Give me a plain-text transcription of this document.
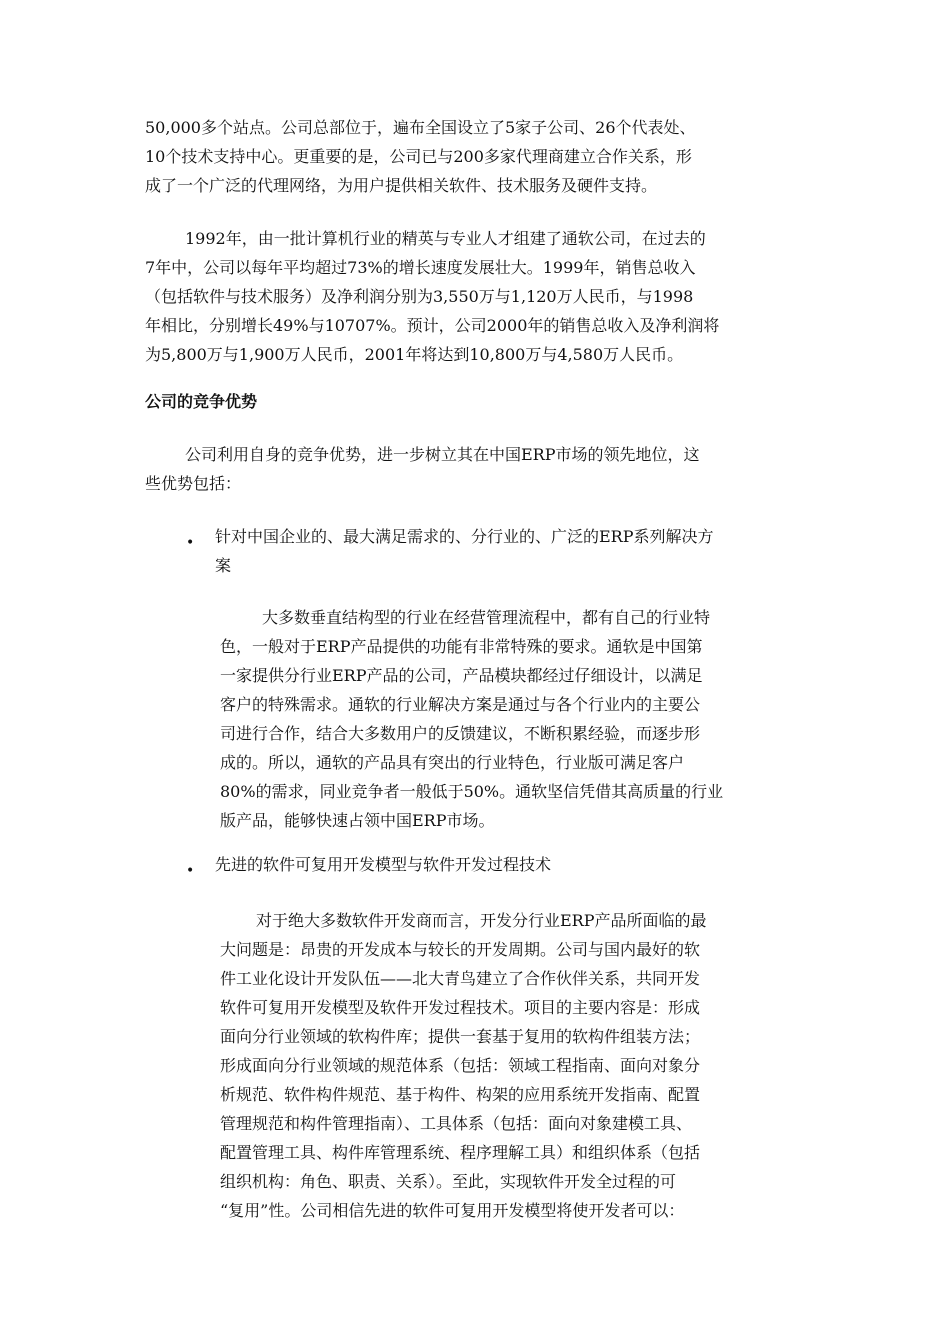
50,000多个站点。公司总部位于，遍布全国设立了5家子公司、26个代表处、
10个技术支持中心。更重要的是，公司已与200多家代理商建立合作关系，形
成了一个广泛的代理网络，为用户提供相关软件、技术服务及硬件支持。
1992年，由一批计算机行业的精英与专业人才组建了通软公司，在过去的
7年中，公司以每年平均超过73%的增长速度发展壮大。1999年，销售总收入
（包括软件与技术服务）及净利润分别为3,550万与1,120万人民币，与1998
年相比，分别增长49%与10707%。预计，公司2000年的销售总收入及净利润将
为5,800万与1,900万人民币，2001年将达到10,800万与4,580万人民币。
公司的竞争优势
公司利用自身的竞争优势，进一步树立其在中国ERP市场的领先地位，这
些优势包括：
• 针对中国企业的、最大满足需求的、分行业的、广泛的ERP系列解决方
案
大多数垂直结构型的行业在经营管理流程中，都有自己的行业特
色，一般对于ERP产品提供的功能有非常特殊的要求。通软是中国第
一家提供分行业ERP产品的公司，产品模块都经过仔细设计，以满足
客户的特殊需求。通软的行业解决方案是通过与各个行业内的主要公
司进行合作，结合大多数用户的反馈建议，不断积累经验，而逐步形
成的。所以，通软的产品具有突出的行业特色，行业版可满足客户
80%的需求，同业竞争者一般低于50%。通软坚信凭借其高质量的行业
版产品，能够快速占领中国ERP市场。
• 先进的软件可复用开发模型与软件开发过程技术
对于绝大多数软件开发商而言，开发分行业ERP产品所面临的最
大问题是：昂贵的开发成本与较长的开发周期。公司与国内最好的软
件工业化设计开发队伍——北大青鸟建立了合作伙伴关系，共同开发
软件可复用开发模型及软件开发过程技术。项目的主要内容是：形成
面向分行业领域的软构件库；提供一套基于复用的软构件组装方法；
形成面向分行业领域的规范体系（包括：领域工程指南、面向对象分
析规范、软件构件规范、基于构件、构架的应用系统开发指南、配置
管理规范和构件管理指南）、工具体系（包括：面向对象建模工具、
配置管理工具、构件库管理系统、程序理解工具）和组织体系（包括
组织机构：角色、职责、关系）。至此，实现软件开发全过程的可
“复用”性。公司相信先进的软件可复用开发模型将使开发者可以：
